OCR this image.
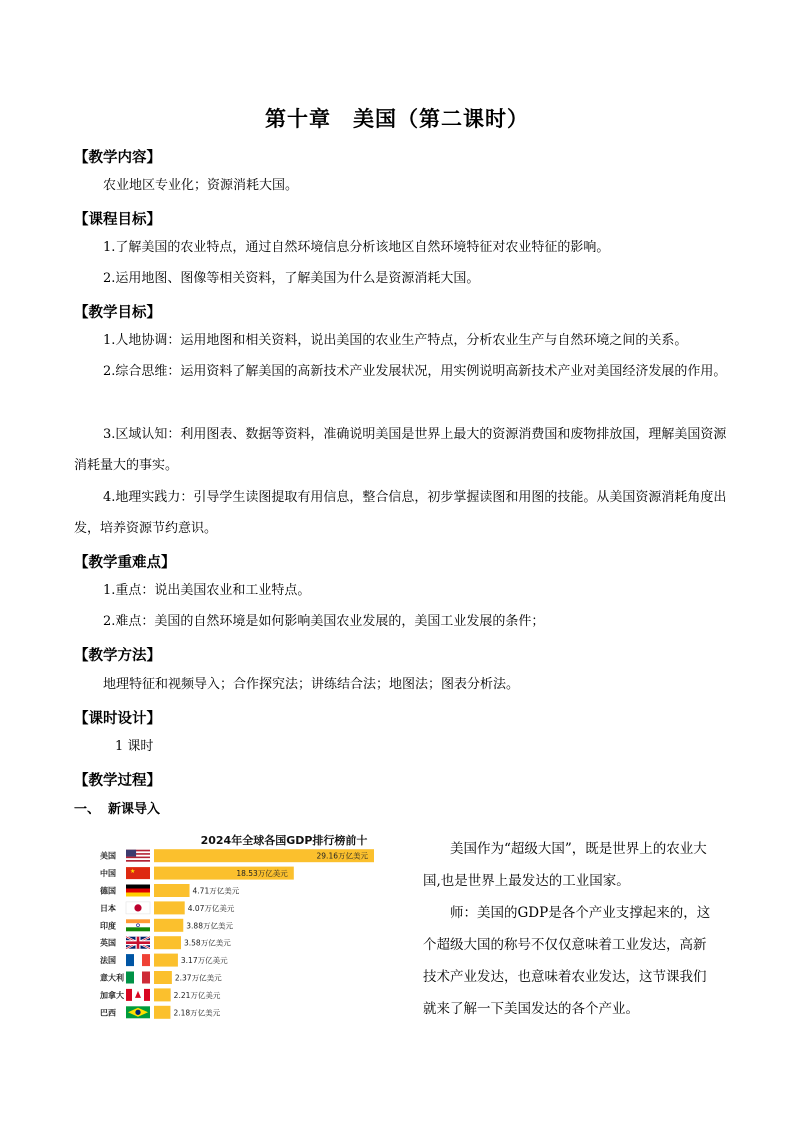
第十章　美国（第二课时）
【教学内容】
农业地区专业化；资源消耗大国。
【课程目标】
1.了解美国的农业特点，通过自然环境信息分析该地区自然环境特征对农业特征的影响。
2.运用地图、图像等相关资料，了解美国为什么是资源消耗大国。
【教学目标】
1.人地协调：运用地图和相关资料，说出美国的农业生产特点，分析农业生产与自然环境之间的关系。
2.综合思维：运用资料了解美国的高新技术产业发展状况，用实例说明高新技术产业对美国经济发展的作用。
3.区域认知：利用图表、数据等资料，准确说明美国是世界上最大的资源消费国和废物排放国，理解美国资源消耗量大的事实。
4.地理实践力：引导学生读图提取有用信息，整合信息，初步掌握读图和用图的技能。从美国资源消耗角度出发，培养资源节约意识。
【教学重难点】
1.重点：说出美国农业和工业特点。
2.难点：美国的自然环境是如何影响美国农业发展的，美国工业发展的条件；
【教学方法】
地理特征和视频导入；合作探究法；讲练结合法；地图法；图表分析法。
【课时设计】
1 课时
【教学过程】
一、 新课导入
2024年全球各国GDP排行榜前十
美国	29.16万亿美元
中国 ★	18.53万亿美元
德国	4.71万亿美元
日本	4.07万亿美元
印度	3.88万亿美元
英国	3.58万亿美元
法国	3.17万亿美元
意大利	2.37万亿美元
加拿大	2.21万亿美元
巴西	2.18万亿美元

美国作为“超级大国”，既是世界上的农业大国,也是世界上最发达的工业国家。

师：美国的GDP是各个产业支撑起来的，这个超级大国的称号不仅仅意味着工业发达，高新技术产业发达，也意味着农业发达，这节课我们就来了解一下美国发达的各个产业。
